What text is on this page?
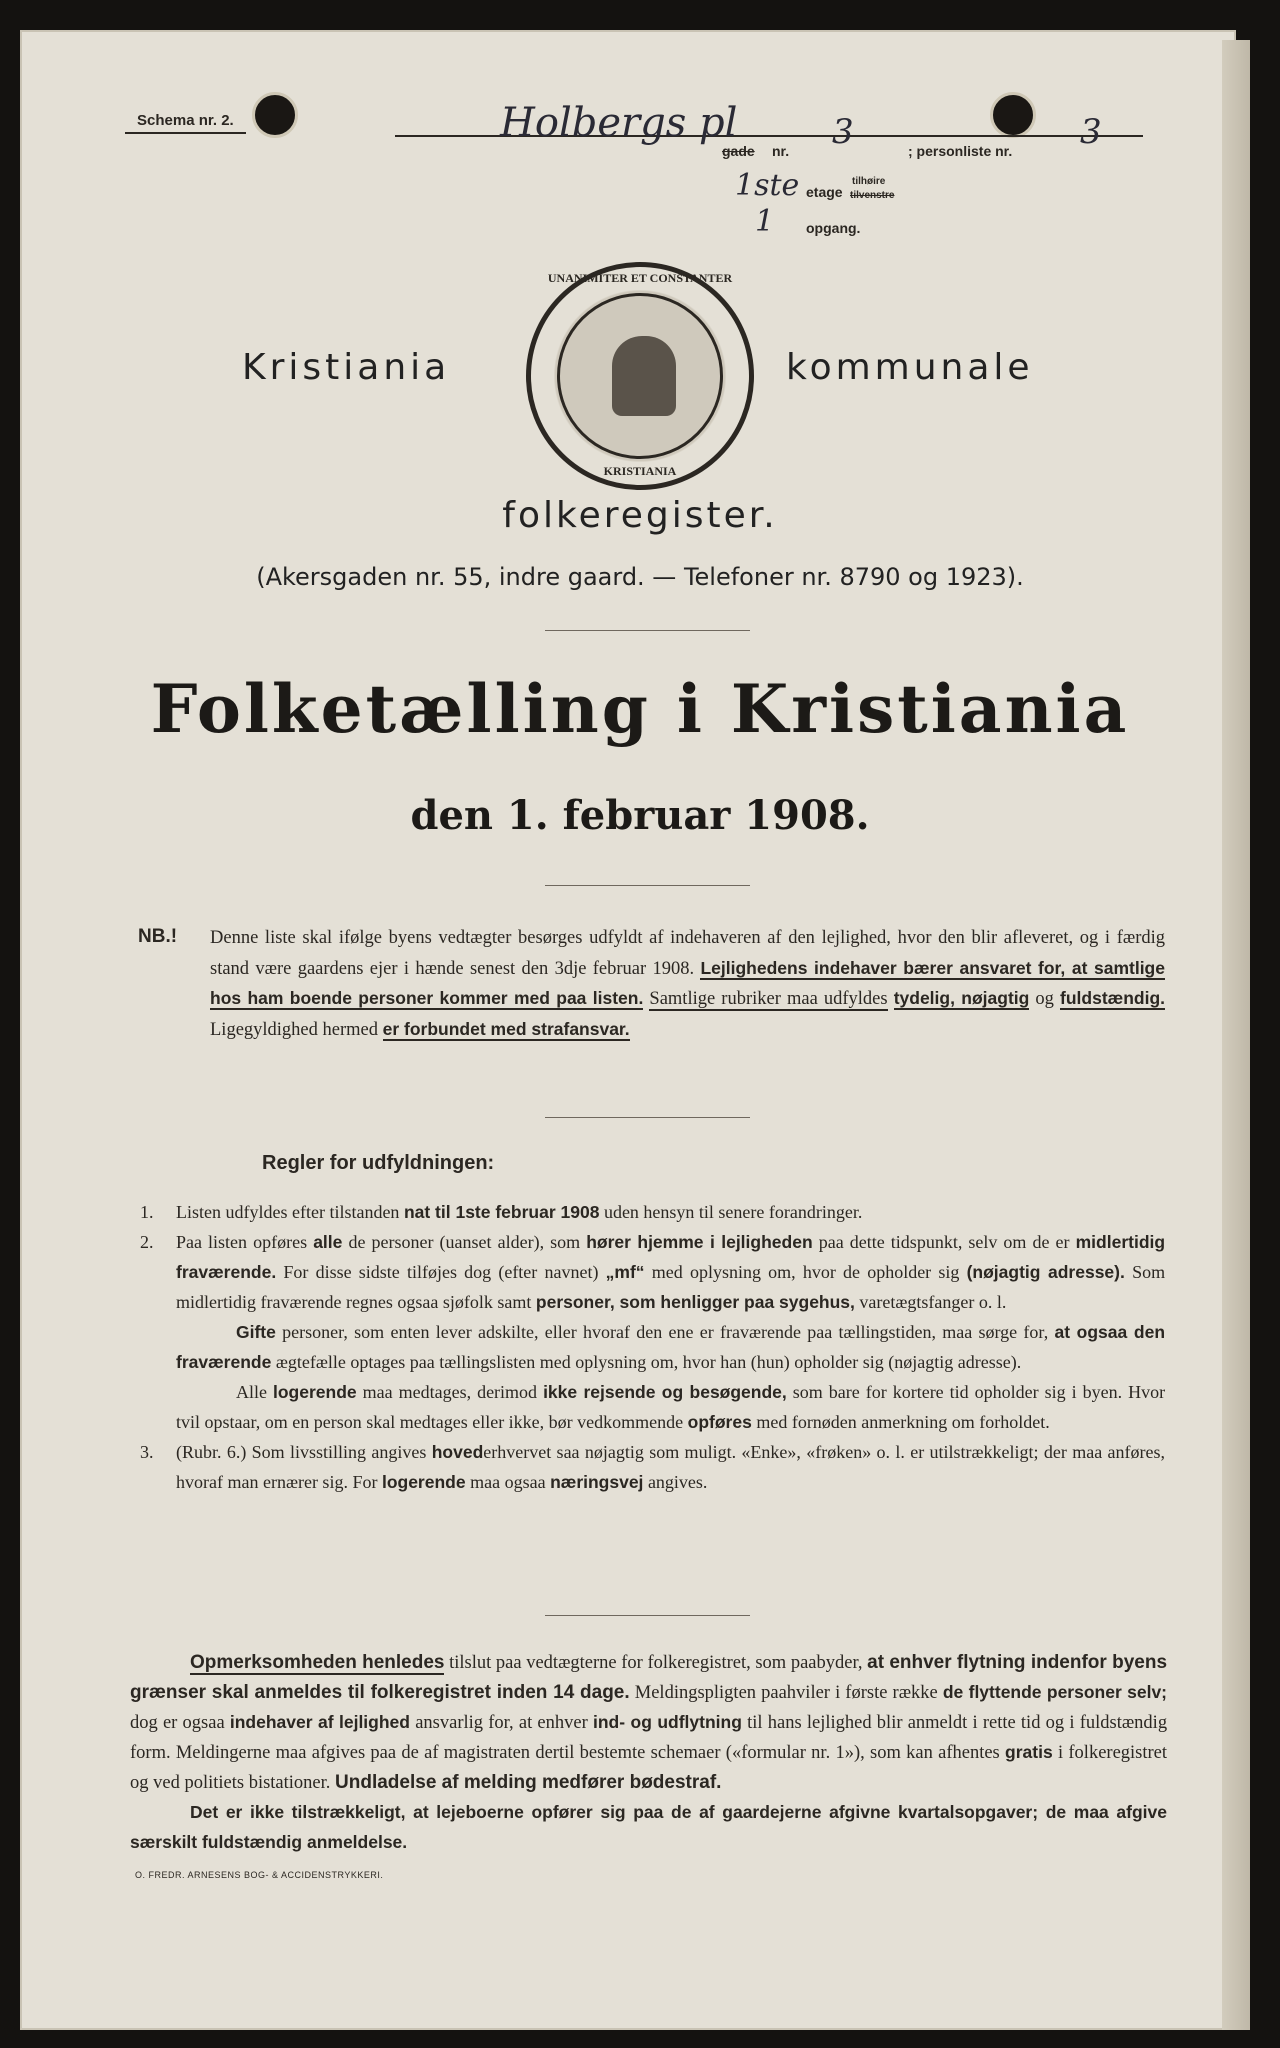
Schema nr. 2.	Holbergs pl
gade nr. 3	; personliste nr. 3
1ste etage
tilhøire
tilvenstre
1 opgang.
Kristiania	kommunale
UNANIMITER ET CONSTANTER
KRISTIANIA
folkeregister.
(Akersgaden nr. 55, indre gaard. — Telefoner nr. 8790 og 1923).
Folketælling i Kristiania
den 1. februar 1908.
NB.! Denne liste skal ifølge byens vedtægter besørges udfyldt af indehaveren af den lejlighed, hvor den blir afleveret, og i færdig stand være gaardens ejer i hænde senest den 3dje februar 1908. Lejlighedens indehaver bærer ansvaret for, at samtlige hos ham boende personer kommer med paa listen. Samtlige rubriker maa udfyldes tydelig, nøjagtig og fuldstændig. Ligegyldighed hermed er forbundet med strafansvar.
Regler for udfyldningen:
1. Listen udfyldes efter tilstanden nat til 1ste februar 1908 uden hensyn til senere forandringer.

2. Paa listen opføres alle de personer (uanset alder), som hører hjemme i lejligheden paa dette tidspunkt, selv om de er midlertidig fraværende. For disse sidste tilføjes dog (efter navnet) „mf“ med oplysning om, hvor de opholder sig (nøjagtig adresse). Som midlertidig fraværende regnes ogsaa sjøfolk samt personer, som henligger paa sygehus, varetægtsfanger o. l.

Gifte personer, som enten lever adskilte, eller hvoraf den ene er fraværende paa tællingstiden, maa sørge for, at ogsaa den fraværende ægtefælle optages paa tællingslisten med oplysning om, hvor han (hun) opholder sig (nøjagtig adresse).

Alle logerende maa medtages, derimod ikke rejsende og besøgende, som bare for kortere tid opholder sig i byen. Hvor tvil opstaar, om en person skal medtages eller ikke, bør vedkommende opføres med fornøden anmerkning om forholdet.

3. (Rubr. 6.) Som livsstilling angives hovederhvervet saa nøjagtig som muligt. «Enke», «frøken» o. l. er utilstrækkeligt; der maa anføres, hvoraf man ernærer sig. For logerende maa ogsaa næringsvej angives.

Opmerksomheden henledes tilslut paa vedtægterne for folkeregistret, som paabyder, at enhver flytning indenfor byens grænser skal anmeldes til folkeregistret inden 14 dage. Meldingspligten paahviler i første række de flyttende personer selv; dog er ogsaa indehaver af lejlighed ansvarlig for, at enhver ind- og udflytning til hans lejlighed blir anmeldt i rette tid og i fuldstændig form. Meldingerne maa afgives paa de af magistraten dertil bestemte schemaer («formular nr. 1»), som kan afhentes gratis i folkeregistret og ved politiets bistationer. Undladelse af melding medfører bødestraf.

Det er ikke tilstrækkeligt, at lejeboerne opfører sig paa de af gaardejerne afgivne kvartalsopgaver; de maa afgive særskilt fuldstændig anmeldelse.

O. FREDR. ARNESENS BOG- & ACCIDENSTRYKKERI.
